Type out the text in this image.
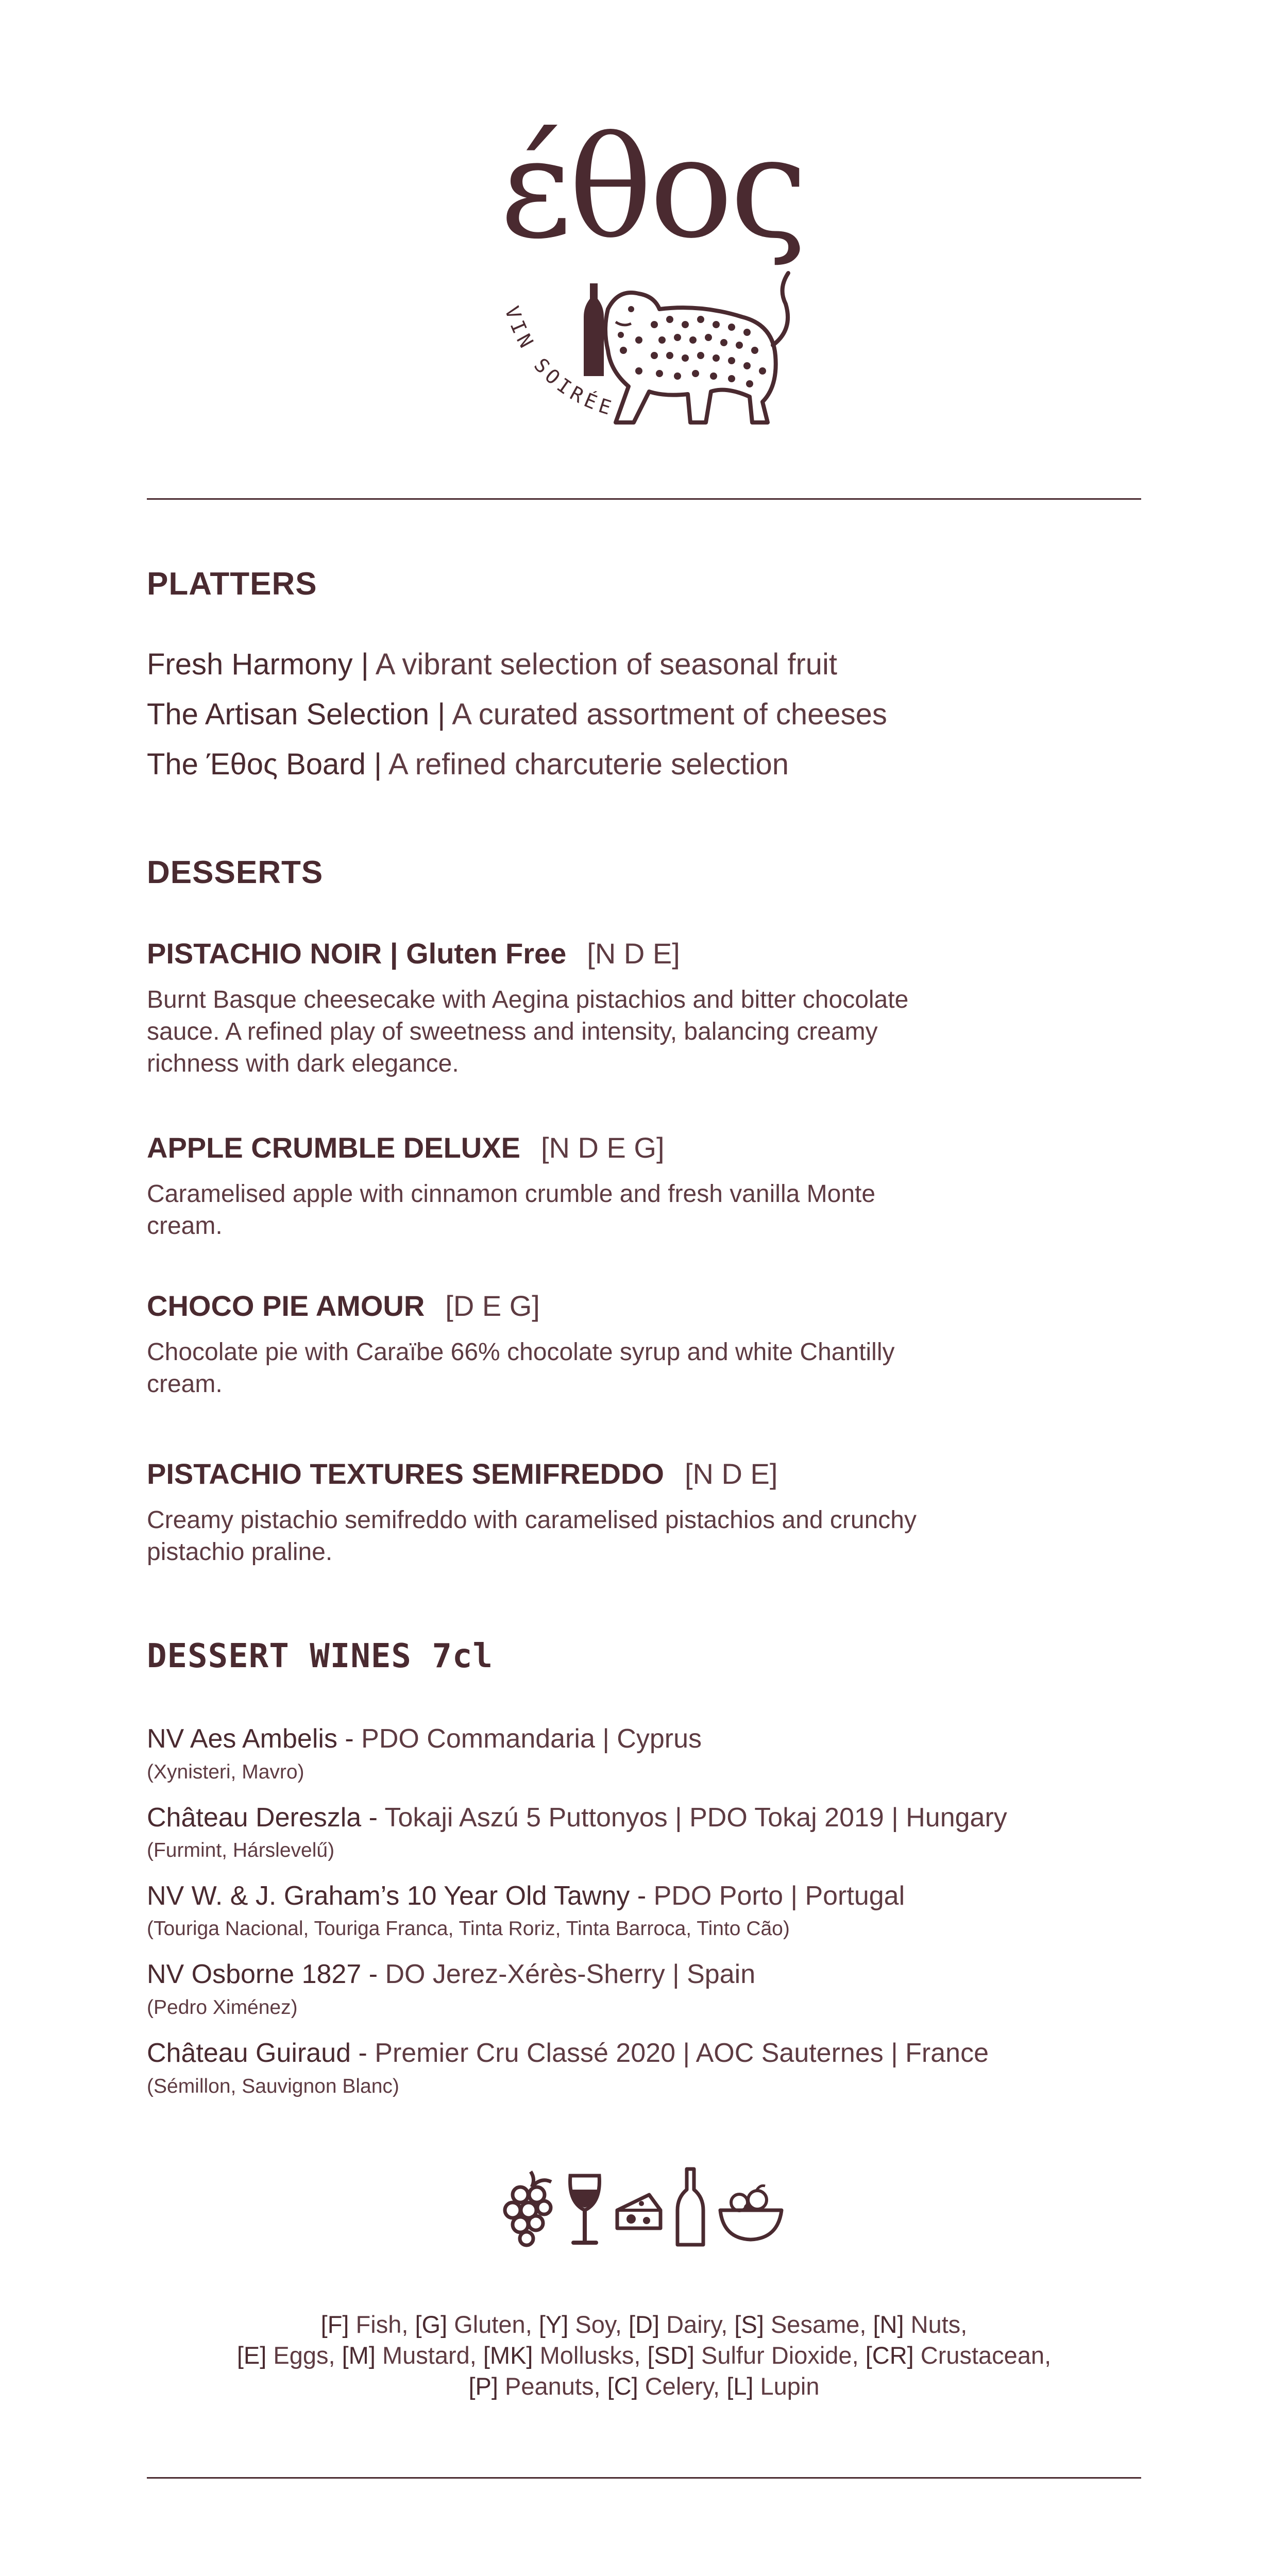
έθος
VIN SOIRÉE
PLATTERS
Fresh Harmony | A vibrant selection of seasonal fruit
The Artisan Selection | A curated assortment of cheeses
The Έθος Board | A refined charcuterie selection
DESSERTS
PISTACHIO NOIR | Gluten Free [N D E]
Burnt Basque cheesecake with Aegina pistachios and bitter chocolate sauce. A refined play of sweetness and intensity, balancing creamy richness with dark elegance.
APPLE CRUMBLE DELUXE [N D E G]
Caramelised apple with cinnamon crumble and fresh vanilla Monte cream.
CHOCO PIE AMOUR [D E G]
Chocolate pie with Caraïbe 66% chocolate syrup and white Chantilly cream.
PISTACHIO TEXTURES SEMIFREDDO [N D E]
Creamy pistachio semifreddo with caramelised pistachios and crunchy pistachio praline.
DESSERT WINES 7cl
NV Aes Ambelis - PDO Commandaria | Cyprus
(Xynisteri, Mavro)
Château Dereszla - Tokaji Aszú 5 Puttonyos | PDO Tokaj 2019 | Hungary
(Furmint, Hárslevelű)
NV W. & J. Graham’s 10 Year Old Tawny - PDO Porto | Portugal
(Touriga Nacional, Touriga Franca, Tinta Roriz, Tinta Barroca, Tinto Cão)
NV Osborne 1827 - DO Jerez-Xérès-Sherry | Spain
(Pedro Ximénez)
Château Guiraud - Premier Cru Classé 2020 | AOC Sauternes | France
(Sémillon, Sauvignon Blanc)
[F] Fish, [G] Gluten, [Y] Soy, [D] Dairy, [S] Sesame, [N] Nuts,
[E] Eggs, [M] Mustard, [MK] Mollusks, [SD] Sulfur Dioxide, [CR] Crustacean,
[P] Peanuts, [C] Celery, [L] Lupin
